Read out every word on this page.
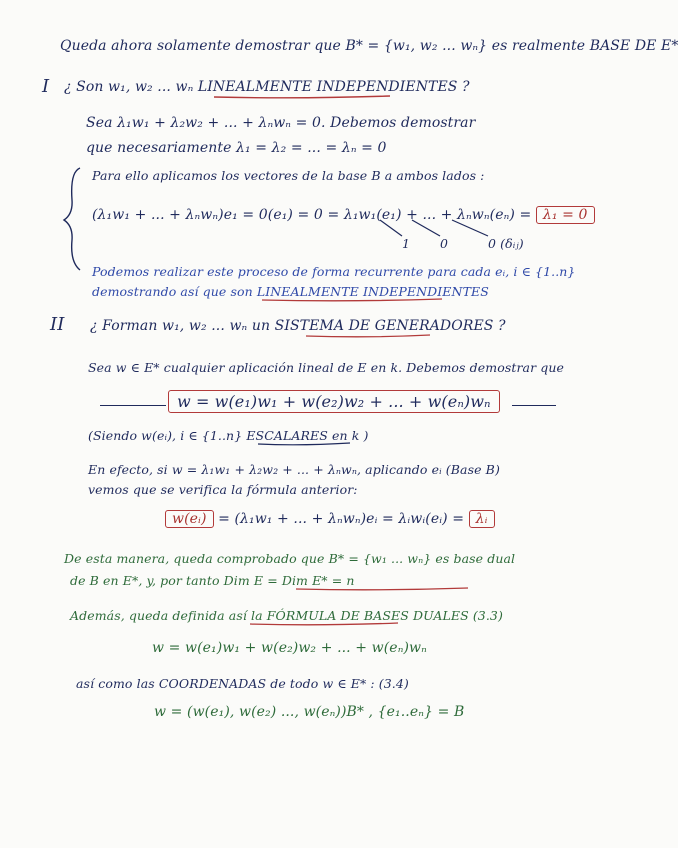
Queda ahora solamente demostrar que B* = {w₁, w₂ ... wₙ} es realmente BASE DE E*
I ¿ Son w₁, w₂ ... wₙ LINEALMENTE INDEPENDIENTES ?
Sea λ₁w₁ + λ₂w₂ + ... + λₙwₙ = 0. Debemos demostrar
que necesariamente λ₁ = λ₂ = ... = λₙ = 0
Para ello aplicamos los vectores de la base B a ambos lados :
(λ₁w₁ + ... + λₙwₙ)e₁ = 0(e₁) = 0 = λ₁w₁(e₁) + ... + λₙwₙ(eₙ) = λ₁ = 0
1 0	0 (δᵢⱼ)
Podemos realizar este proceso de forma recurrente para cada eᵢ, i ∈ {1..n}
demostrando así que son LINEALMENTE INDEPENDIENTES
II ¿ Forman w₁, w₂ ... wₙ un SISTEMA DE GENERADORES ?
Sea w ∈ E* cualquier aplicación lineal de E en k. Debemos demostrar que
w = w(e₁)w₁ + w(e₂)w₂ + ... + w(eₙ)wₙ
(Siendo w(eᵢ), i ∈ {1..n} ESCALARES en k )
En efecto, si w = λ₁w₁ + λ₂w₂ + ... + λₙwₙ, aplicando eᵢ (Base B)
vemos que se verifica la fórmula anterior:
w(eᵢ) = (λ₁w₁ + ... + λₙwₙ)eᵢ = λᵢwᵢ(eᵢ) = λᵢ
De esta manera, queda comprobado que B* = {w₁ ... wₙ} es base dual
de B en E*, y, por tanto Dim E = Dim E* = n
Además, queda definida así la FÓRMULA DE BASES DUALES (3.3)
w = w(e₁)w₁ + w(e₂)w₂ + ... + w(eₙ)wₙ
así como las COORDENADAS de todo w ∈ E* : (3.4)
w = (w(e₁), w(e₂) ..., w(eₙ))B* , {e₁..eₙ} = B
